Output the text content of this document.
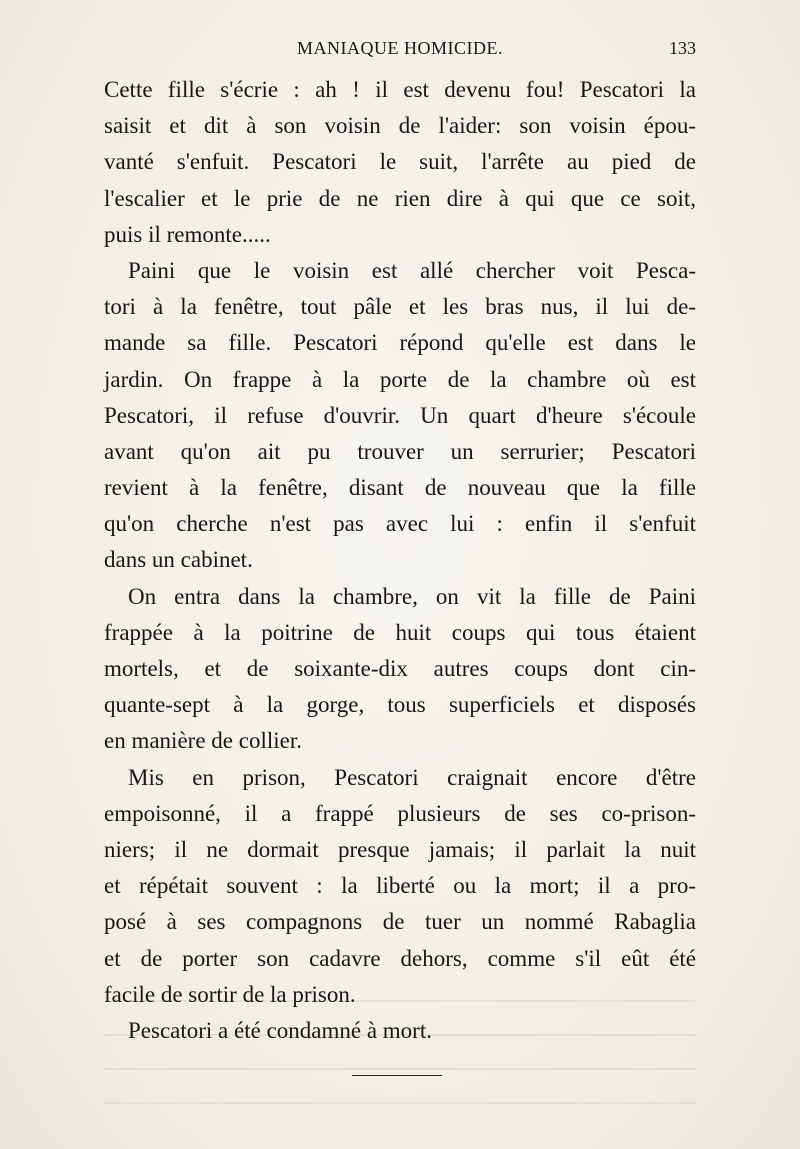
MANIAQUE HOMICIDE.	133
Cette fille s'écrie : ah ! il est devenu fou! Pescatori la
saisit et dit à son voisin de l'aider: son voisin épou-
vanté s'enfuit. Pescatori le suit, l'arrête au pied de
l'escalier et le prie de ne rien dire à qui que ce soit,
puis il remonte.....
Paini que le voisin est allé chercher voit Pesca-
tori à la fenêtre, tout pâle et les bras nus, il lui de-
mande sa fille. Pescatori répond qu'elle est dans le
jardin. On frappe à la porte de la chambre où est
Pescatori, il refuse d'ouvrir. Un quart d'heure s'écoule
avant qu'on ait pu trouver un serrurier; Pescatori
revient à la fenêtre, disant de nouveau que la fille
qu'on cherche n'est pas avec lui : enfin il s'enfuit
dans un cabinet.
On entra dans la chambre, on vit la fille de Paini
frappée à la poitrine de huit coups qui tous étaient
mortels, et de soixante-dix autres coups dont cin-
quante-sept à la gorge, tous superficiels et disposés
en manière de collier.
Mis en prison, Pescatori craignait encore d'être
empoisonné, il a frappé plusieurs de ses co-prison-
niers; il ne dormait presque jamais; il parlait la nuit
et répétait souvent : la liberté ou la mort; il a pro-
posé à ses compagnons de tuer un nommé Rabaglia
et de porter son cadavre dehors, comme s'il eût été
facile de sortir de la prison.
Pescatori a été condamné à mort.
